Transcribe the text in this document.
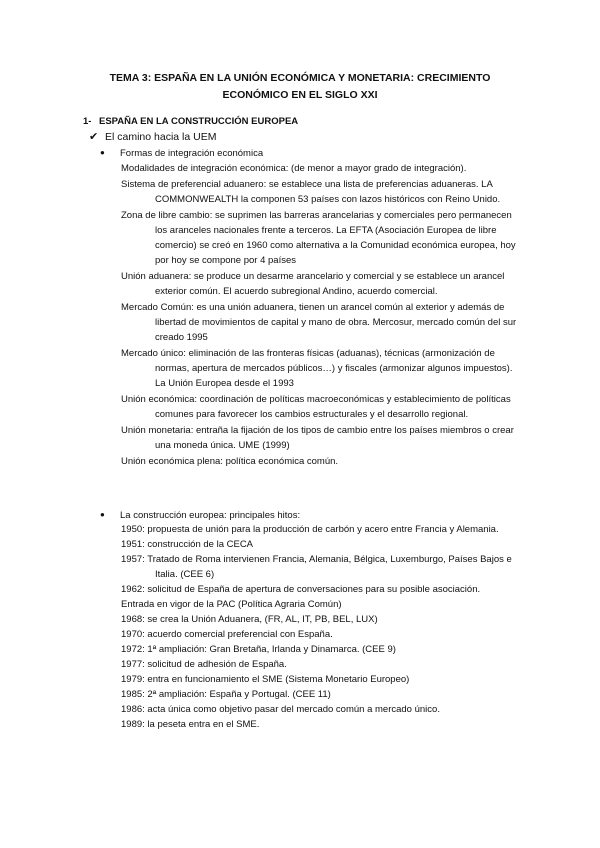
TEMA 3: ESPAÑA EN LA UNIÓN ECONÓMICA Y MONETARIA: CRECIMIENTO
ECONÓMICO EN EL SIGLO XXI
1- ESPAÑA EN LA CONSTRUCCIÓN EUROPEA
✔ El camino hacia la UEM
● Formas de integración económica
Modalidades de integración económica: (de menor a mayor grado de integración).
Sistema de preferencial aduanero: se establece una lista de preferencias aduaneras. LA COMMONWEALTH la componen 53 países con lazos históricos con Reino Unido.
Zona de libre cambio: se suprimen las barreras arancelarias y comerciales pero permanecen los aranceles nacionales frente a terceros. La EFTA (Asociación Europea de libre comercio) se creó en 1960 como alternativa a la Comunidad económica europea, hoy por hoy se compone por 4 países
Unión aduanera: se produce un desarme arancelario y comercial y se establece un arancel exterior común. El acuerdo subregional Andino, acuerdo comercial.
Mercado Común: es una unión aduanera, tienen un arancel común al exterior y además de libertad de movimientos de capital y mano de obra. Mercosur, mercado común del sur creado 1995
Mercado único: eliminación de las fronteras físicas (aduanas), técnicas (armonización de normas, apertura de mercados públicos…) y fiscales (armonizar algunos impuestos). La Unión Europea desde el 1993
Unión económica: coordinación de políticas macroeconómicas y establecimiento de políticas comunes para favorecer los cambios estructurales y el desarrollo regional.
Unión monetaria: entraña la fijación de los tipos de cambio entre los países miembros o crear una moneda única. UME (1999)
Unión económica plena: política económica común.
● La construcción europea: principales hitos:
1950: propuesta de unión para la producción de carbón y acero entre Francia y Alemania.
1951: construcción de la CECA
1957: Tratado de Roma intervienen Francia, Alemania, Bélgica, Luxemburgo, Países Bajos e Italia. (CEE 6)
1962: solicitud de España de apertura de conversaciones para su posible asociación.
Entrada en vigor de la PAC (Política Agraria Común)
1968: se crea la Unión Aduanera, (FR, AL, IT, PB, BEL, LUX)
1970: acuerdo comercial preferencial con España.
1972: 1ª ampliación: Gran Bretaña, Irlanda y Dinamarca. (CEE 9)
1977: solicitud de adhesión de España.
1979: entra en funcionamiento el SME (Sistema Monetario Europeo)
1985: 2ª ampliación: España y Portugal. (CEE 11)
1986: acta única como objetivo pasar del mercado común a mercado único.
1989: la peseta entra en el SME.
